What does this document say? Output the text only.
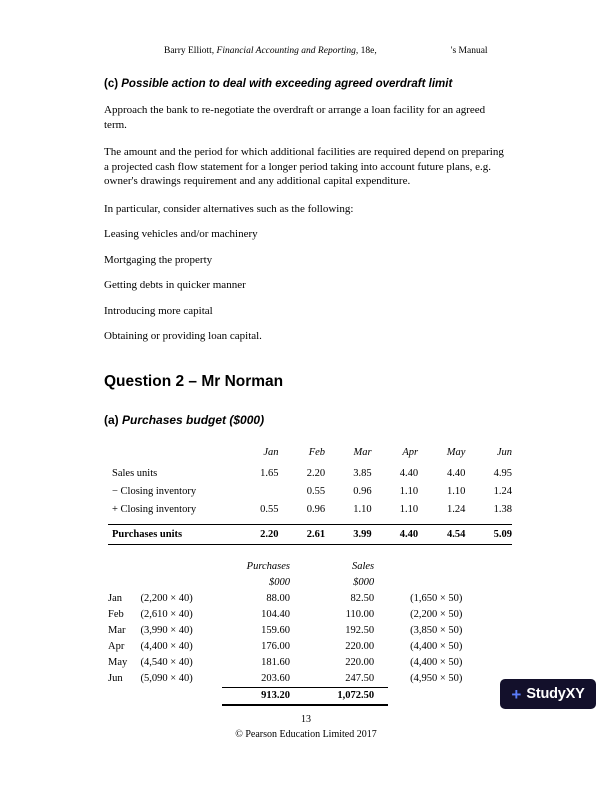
Barry Elliott, Financial Accounting and Reporting, 18e,	's Manual
(c) Possible action to deal with exceeding agreed overdraft limit

Approach the bank to re-negotiate the overdraft or arrange a loan facility for an agreed term.

The amount and the period for which additional facilities are required depend on preparing a projected cash flow statement for a longer period taking into account future plans, e.g. owner's drawings requirement and any additional capital expenditure.

In particular, consider alternatives such as the following:

Leasing vehicles and/or machinery

Mortgaging the property

Getting debts in quicker manner

Introducing more capital

Obtaining or providing loan capital.

Question 2 – Mr Norman
(a) Purchases budget ($000)
	Jan	Feb	Mar	Apr	May	Jun
Sales units	1.65	2.20	3.85	4.40	4.40	4.95
− Closing inventory		0.55	0.96	1.10	1.10	1.24
+ Closing inventory	0.55	0.96	1.10	1.10	1.24	1.38

Purchases units	2.20	2.61	3.99	4.40	4.54	5.09
		Purchases	Sales	
		$000	$000	
Jan	(2,200 × 40)	88.00	82.50	(1,650 × 50)
Feb	(2,610 × 40)	104.40	110.00	(2,200 × 50)
Mar	(3,990 × 40)	159.60	192.50	(3,850 × 50)
Apr	(4,400 × 40)	176.00	220.00	(4,400 × 50)
May	(4,540 × 40)	181.60	220.00	(4,400 × 50)
Jun	(5,090 × 40)	203.60	247.50	(4,950 × 50)
		913.20	1,072.50		+ StudyXY
13
© Pearson Education Limited 2017
